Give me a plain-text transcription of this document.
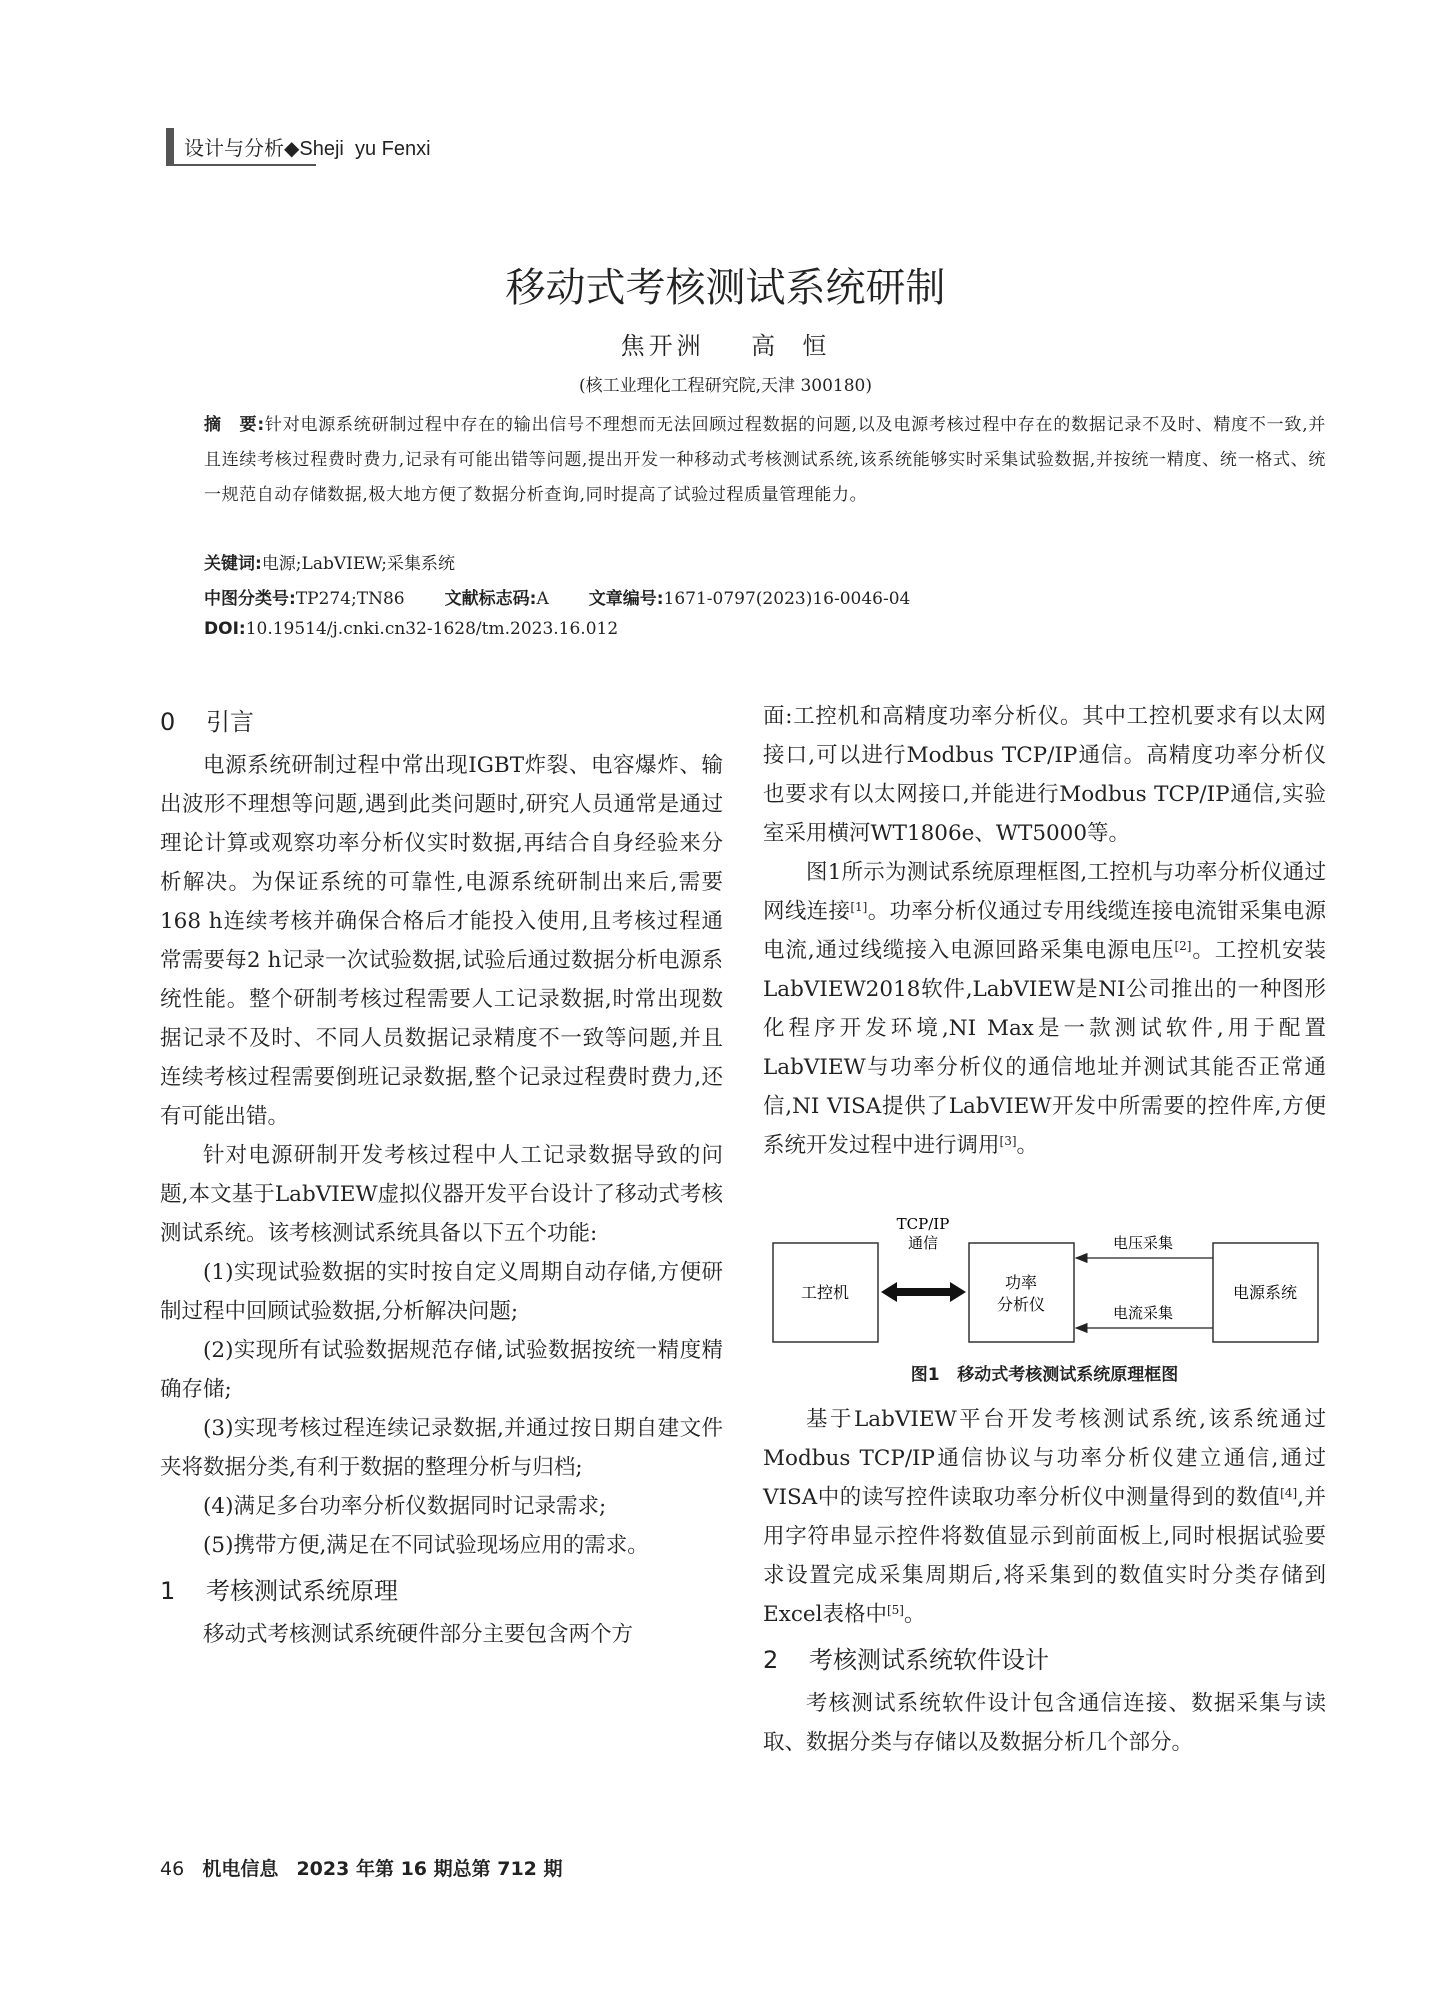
设计与分析◆Sheji  yu Fenxi
移动式考核测试系统研制
焦开洲    高  恒
(核工业理化工程研究院,天津 300180)
摘　要:针对电源系统研制过程中存在的输出信号不理想而无法回顾过程数据的问题,以及电源考核过程中存在的数据记录不及时、精度不一致,并且连续考核过程费时费力,记录有可能出错等问题,提出开发一种移动式考核测试系统,该系统能够实时采集试验数据,并按统一精度、统一格式、统一规范自动存储数据,极大地方便了数据分析查询,同时提高了试验过程质量管理能力。
关键词:电源;LabVIEW;采集系统
中图分类号:TP274;TN86 文献标志码:A 文章编号:1671-0797(2023)16-0046-04
DOI:10.19514/j.cnki.cn32-1628/tm.2023.16.012
0 引言

电源系统研制过程中常出现IGBT炸裂、电容爆炸、输出波形不理想等问题,遇到此类问题时,研究人员通常是通过理论计算或观察功率分析仪实时数据,再结合自身经验来分析解决。为保证系统的可靠性,电源系统研制出来后,需要168 h连续考核并确保合格后才能投入使用,且考核过程通常需要每2 h记录一次试验数据,试验后通过数据分析电源系统性能。整个研制考核过程需要人工记录数据,时常出现数据记录不及时、不同人员数据记录精度不一致等问题,并且连续考核过程需要倒班记录数据,整个记录过程费时费力,还有可能出错。

针对电源研制开发考核过程中人工记录数据导致的问题,本文基于LabVIEW虚拟仪器开发平台设计了移动式考核测试系统。该考核测试系统具备以下五个功能:

(1)实现试验数据的实时按自定义周期自动存储,方便研制过程中回顾试验数据,分析解决问题;

(2)实现所有试验数据规范存储,试验数据按统一精度精确存储;

(3)实现考核过程连续记录数据,并通过按日期自建文件夹将数据分类,有利于数据的整理分析与归档;

(4)满足多台功率分析仪数据同时记录需求;

(5)携带方便,满足在不同试验现场应用的需求。

1 考核测试系统原理

移动式考核测试系统硬件部分主要包含两个方

面:工控机和高精度功率分析仪。其中工控机要求有以太网接口,可以进行Modbus TCP/IP通信。高精度功率分析仪也要求有以太网接口,并能进行Modbus TCP/IP通信,实验室采用横河WT1806e、WT5000等。

图1所示为测试系统原理框图,工控机与功率分析仪通过网线连接[1]。功率分析仪通过专用线缆连接电流钳采集电源电流,通过线缆接入电源回路采集电源电压[2]。工控机安装LabVIEW2018软件,LabVIEW是NI公司推出的一种图形化程序开发环境,NI Max是一款测试软件,用于配置LabVIEW与功率分析仪的通信地址并测试其能否正常通信,NI VISA提供了LabVIEW开发中所需要的控件库,方便系统开发过程中进行调用[3]。

工控机
功率
分析仪
电源系统
TCP/IP
通信	电压采集
电流采集
图1   移动式考核测试系统原理框图

基于LabVIEW平台开发考核测试系统,该系统通过Modbus TCP/IP通信协议与功率分析仪建立通信,通过VISA中的读写控件读取功率分析仪中测量得到的数值[4],并用字符串显示控件将数值显示到前面板上,同时根据试验要求设置完成采集周期后,将采集到的数值实时分类存储到Excel表格中[5]。

2 考核测试系统软件设计

考核测试系统软件设计包含通信连接、数据采集与读取、数据分类与存储以及数据分析几个部分。

46 机电信息 2023 年第 16 期总第 712 期
